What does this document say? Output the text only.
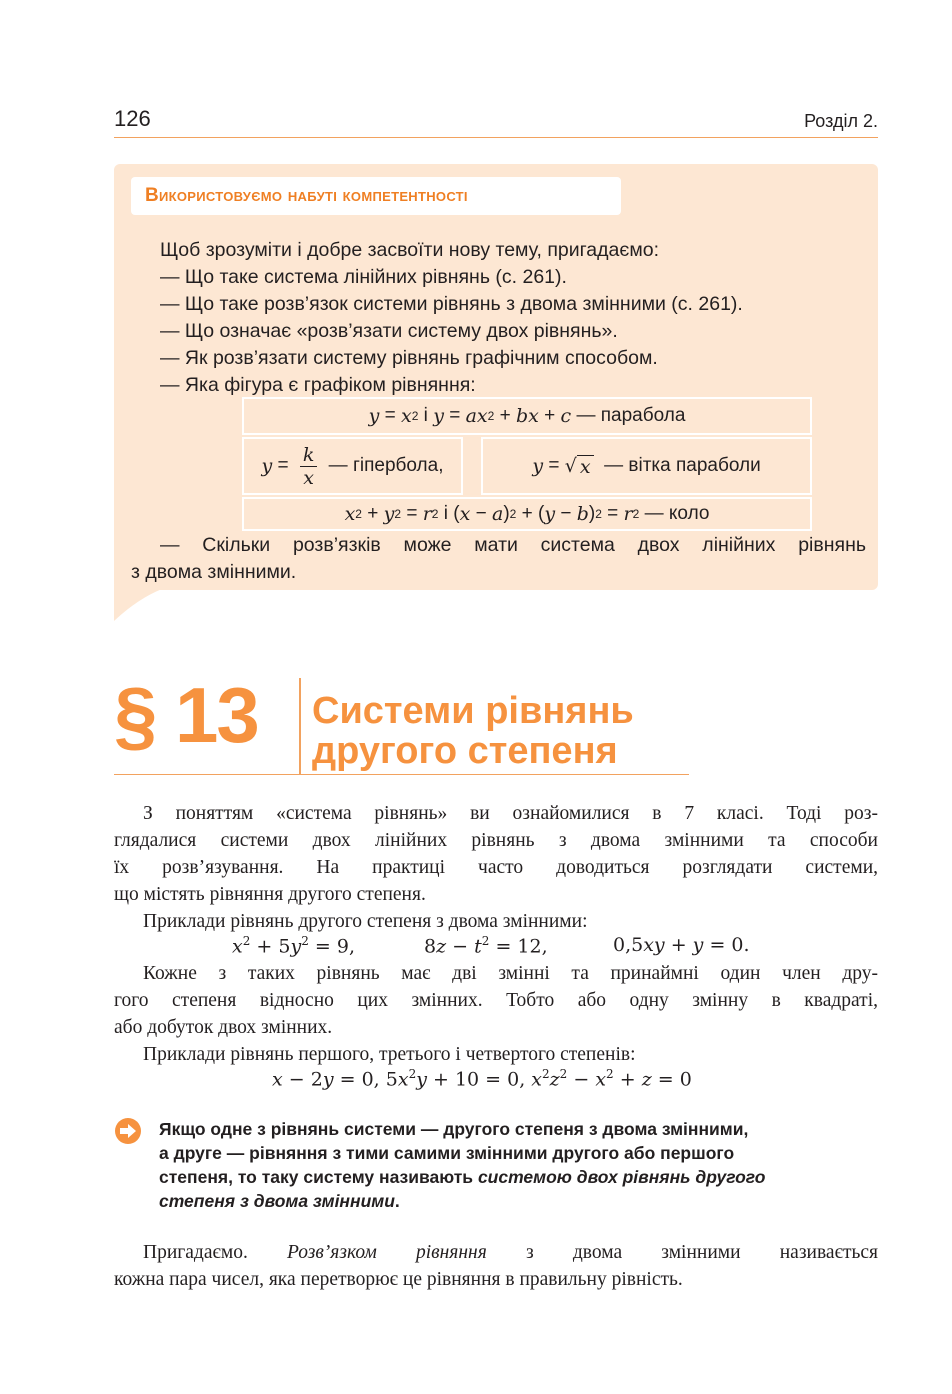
126	Розділ 2.
Використовуємо набуті компетентності
Щоб зрозуміти і добре засвоїти нову тему, пригадаємо:
— Що таке система лінійних рівнянь (с. 261).
— Що таке розв’язок системи рівнянь з двома змінними (с. 261).
— Що означає «розв’язати систему двох рівнянь».
— Як розв’язати систему рівнянь графічним способом.
— Яка фігура є графіком рівняння:
y = x 2
і
y = ax 2 + bx + c
— парабола
y = k
x

— гіпербола,	y = √ x
— вітка параболи
x 2 + y 2 = r 2
і ( x − a ) 2 + ( y − b ) 2 = r 2
— коло
— Скільки розв’язків може мати система двох лінійних рівнянь
з двома змінними.
§ 13 Системи рівнянь
другого степеня
З поняттям «система рівнянь» ви ознайомилися в 7 класі. Тоді роз-
глядалися системи двох лінійних рівнянь з двома змінними та способи
їх розв’язування. На практиці часто доводиться розглядати системи,
що містять рівняння другого степеня.
Приклади рівнянь другого степеня з двома змінними:
$x^2 + 5y^2 = 9$,	$8z - t^2 = 12$,	0,5xy + y = 0.
Кожне з таких рівнянь має дві змінні та принаймні один член дру-
гого степеня відносно цих змінних. Тобто або одну змінну в квадраті,
або добуток двох змінних.
Приклади рівнянь першого, третього і четвертого степенів:
x − 2y = 0, $5x^2y + 10 = 0$, $x^2z^2 - x^2 + z = 0$
Якщо одне з рівнянь системи — другого степеня з двома змінними,
а друге — рівняння з тими самими змінними другого або першого
степеня, то таку систему називають системою двох рівнянь другого
степеня з двома змінними.
Пригадаємо. Розв’язком рівняння з двома змінними називається
кожна пара чисел, яка перетворює це рівняння в правильну рівність.
